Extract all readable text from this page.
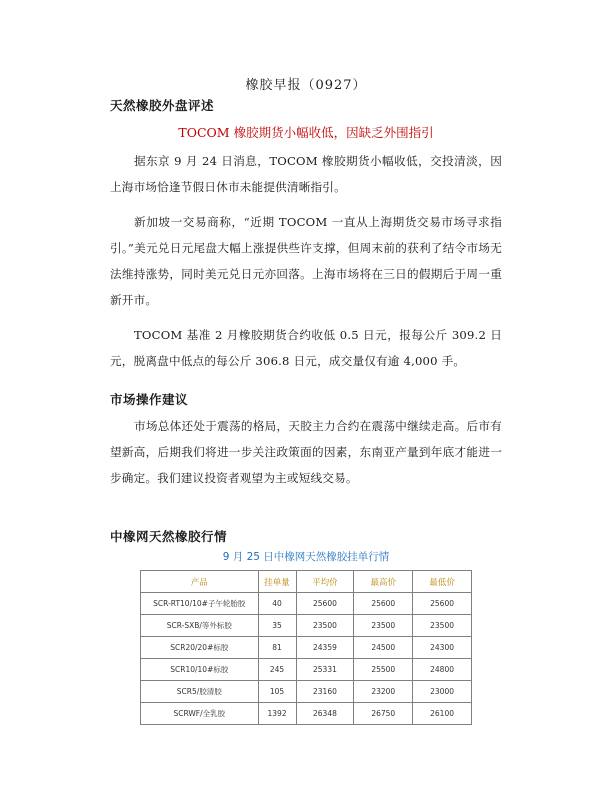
橡胶早报（0927）
天然橡胶外盘评述
TOCOM 橡胶期货小幅收低，因缺乏外围指引

据东京 9 月 24 日消息，TOCOM 橡胶期货小幅收低，交投清淡，因上海市场恰逢节假日休市未能提供清晰指引。

新加坡一交易商称，“近期 TOCOM 一直从上海期货交易市场寻求指引。”美元兑日元尾盘大幅上涨提供些许支撑，但周末前的获利了结令市场无法维持涨势，同时美元兑日元亦回落。上海市场将在三日的假期后于周一重新开市。

TOCOM 基准 2 月橡胶期货合约收低 0.5 日元，报每公斤 309.2 日元，脱离盘中低点的每公斤 306.8 日元，成交量仅有逾 4,000 手。

市场操作建议

市场总体还处于震荡的格局，天胶主力合约在震荡中继续走高。后市有望新高，后期我们将进一步关注政策面的因素，东南亚产量到年底才能进一步确定。我们建议投资者观望为主或短线交易。

中橡网天然橡胶行情
9 月 25 日中橡网天然橡胶挂单行情
产品	挂单量	平均价	最高价	最低价
SCR-RT10/10#子午轮胎胶	40	25600	25600	25600
SCR-SXB/等外标胶	35	23500	23500	23500
SCR20/20#标胶	81	24359	24500	24300
SCR10/10#标胶	245	25331	25500	24800
SCR5/胶清胶	105	23160	23200	23000
SCRWF/全乳胶	1392	26348	26750	26100
